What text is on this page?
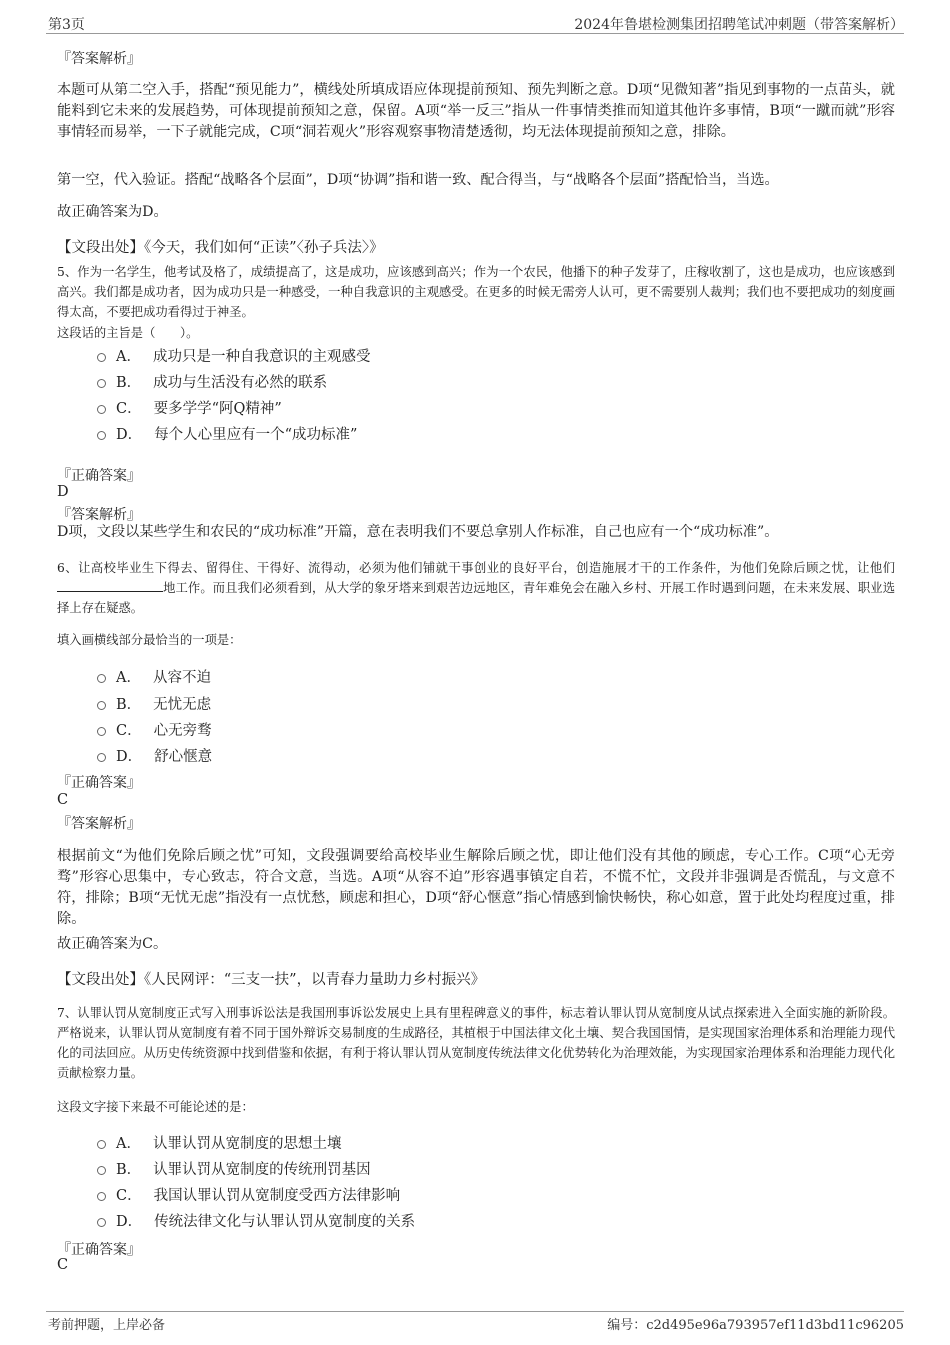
第3页	2024年鲁堪检测集团招聘笔试冲刺题（带答案解析）
『答案解析』

本题可从第二空入手，搭配“预见能力”，横线处所填成语应体现提前预知、预先判断之意。D项“见微知著”指见到事物的一点苗头，就能料到它未来的发展趋势，可体现提前预知之意，保留。A项“举一反三”指从一件事情类推而知道其他许多事情，B项“一蹴而就”形容事情轻而易举，一下子就能完成，C项“洞若观火”形容观察事物清楚透彻，均无法体现提前预知之意，排除。

第一空，代入验证。搭配“战略各个层面”，D项“协调”指和谐一致、配合得当，与“战略各个层面”搭配恰当，当选。

故正确答案为D。

【文段出处】《今天，我们如何“正读”〈孙子兵法〉》

5、作为一名学生，他考试及格了，成绩提高了，这是成功，应该感到高兴；作为一个农民，他播下的种子发芽了，庄稼收割了，这也是成功，也应该感到高兴。我们都是成功者，因为成功只是一种感受，一种自我意识的主观感受。在更多的时候无需旁人认可，更不需要别人裁判；我们也不要把成功的刻度画得太高，不要把成功看得过于神圣。

这段话的主旨是（　　）。

A． 成功只是一种自我意识的主观感受
B． 成功与生活没有必然的联系
C． 要多学学“阿Q精神”
D． 每个人心里应有一个“成功标准”
『正确答案』
D
『答案解析』

D项，文段以某些学生和农民的“成功标准”开篇，意在表明我们不要总拿别人作标准，自己也应有一个“成功标准”。

6、让高校毕业生下得去、留得住、干得好、流得动，必须为他们铺就干事创业的良好平台，创造施展才干的工作条件，为他们免除后顾之忧，让他们地工作。而且我们必须看到，从大学的象牙塔来到艰苦边远地区，青年难免会在融入乡村、开展工作时遇到问题，在未来发展、职业选择上存在疑惑。

填入画横线部分最恰当的一项是：

A． 从容不迫
B． 无忧无虑
C． 心无旁骛
D． 舒心惬意
『正确答案』
C
『答案解析』

根据前文“为他们免除后顾之忧”可知，文段强调要给高校毕业生解除后顾之忧，即让他们没有其他的顾虑，专心工作。C项“心无旁骛”形容心思集中，专心致志，符合文意，当选。A项“从容不迫”形容遇事镇定自若，不慌不忙，文段并非强调是否慌乱，与文意不符，排除；B项“无忧无虑”指没有一点忧愁，顾虑和担心，D项“舒心惬意”指心情感到愉快畅快，称心如意，置于此处均程度过重，排除。

故正确答案为C。

【文段出处】《人民网评：“三支一扶”，以青春力量助力乡村振兴》

7、认罪认罚从宽制度正式写入刑事诉讼法是我国刑事诉讼发展史上具有里程碑意义的事件，标志着认罪认罚从宽制度从试点探索进入全面实施的新阶段。严格说来，认罪认罚从宽制度有着不同于国外辩诉交易制度的生成路径，其植根于中国法律文化土壤、契合我国国情，是实现国家治理体系和治理能力现代化的司法回应。从历史传统资源中找到借鉴和依据，有利于将认罪认罚从宽制度传统法律文化优势转化为治理效能，为实现国家治理体系和治理能力现代化贡献检察力量。

这段文字接下来最不可能论述的是：

A． 认罪认罚从宽制度的思想土壤
B． 认罪认罚从宽制度的传统刑罚基因
C． 我国认罪认罚从宽制度受西方法律影响
D． 传统法律文化与认罪认罚从宽制度的关系
『正确答案』
C
考前押题，上岸必备	编号：c2d495e96a793957ef11d3bd11c96205
